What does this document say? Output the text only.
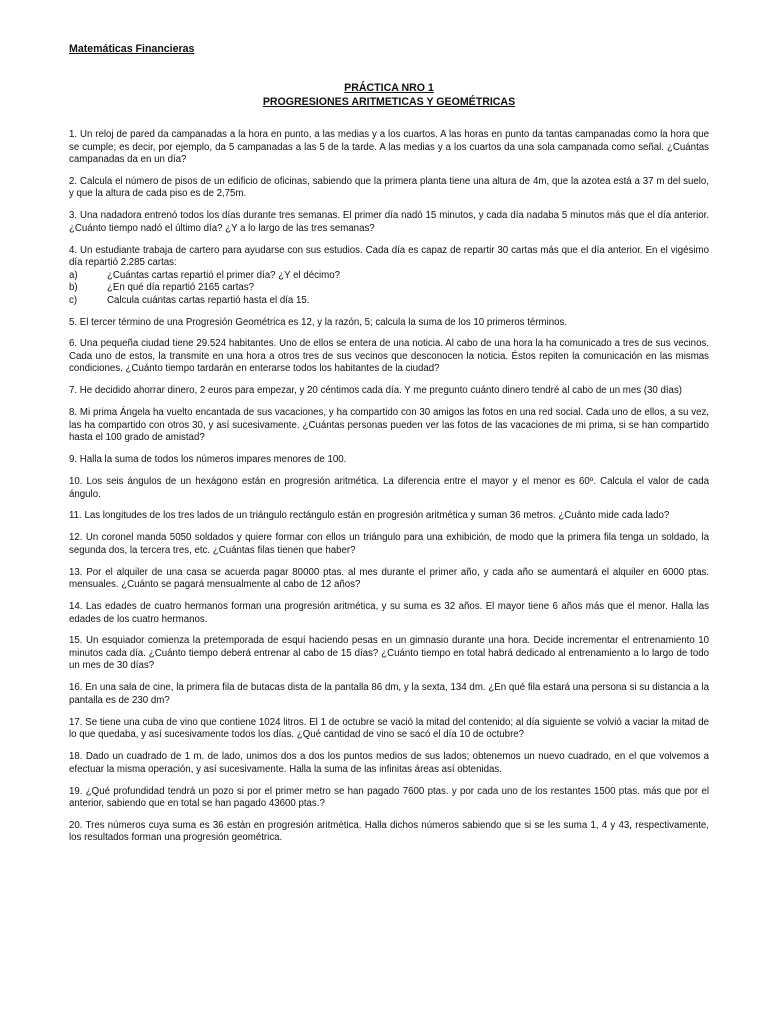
Matemáticas Financieras
PRÁCTICA NRO 1
PROGRESIONES ARITMETICAS Y GEOMÉTRICAS

1. Un reloj de pared da campanadas a la hora en punto, a las medias y a los cuartos. A las horas en punto da tantas campanadas como la hora que se cumple; es decir, por ejemplo, da 5 campanadas a las 5 de la tarde. A las medias y a los cuartos da una sola campanada como señal. ¿Cuántas campanadas da en un día?

2. Calcula el número de pisos de un edificio de oficinas, sabiendo que la primera planta tiene una altura de 4m, que la azotea está a 37 m del suelo, y que la altura de cada piso es de 2,75m.

3. Una nadadora entrenó todos los días durante tres semanas. El primer día nadó 15 minutos, y cada día nadaba 5 minutos más que el día anterior. ¿Cuánto tiempo nadó el último día? ¿Y a lo largo de las tres semanas?

4. Un estudiante trabaja de cartero para ayudarse con sus estudios. Cada día es capaz de repartir 30 cartas más que el día anterior. En el vigésimo día repartió 2.285 cartas:
a)	¿Cuántas cartas repartió el primer día? ¿Y el décimo?
b)	¿En qué día repartió 2165 cartas?
c)	Calcula cuántas cartas repartió hasta el día 15.

5. El tercer término de una Progresión Geométrica es 12, y la razón, 5; calcula la suma de los 10 primeros términos.

6. Una pequeña ciudad tiene 29.524 habitantes. Uno de ellos se entera de una noticia. Al cabo de una hora la ha comunicado a tres de sus vecinos. Cada uno de estos, la transmite en una hora a otros tres de sus vecinos que desconocen la noticia. Éstos repiten la comunicación en las mismas condiciones. ¿Cuánto tiempo tardarán en enterarse todos los habitantes de la ciudad?

7. He decidido ahorrar dinero, 2 euros para empezar, y 20 céntimos cada día. Y me pregunto cuánto dinero tendré al cabo de un mes (30 días)

8. Mi prima Ángela ha vuelto encantada de sus vacaciones, y ha compartido con 30 amigos las fotos en una red social. Cada uno de ellos, a su vez, las ha compartido con otros 30, y así sucesivamente. ¿Cuántas personas pueden ver las fotos de las vacaciones de mi prima, si se han compartido hasta el 100 grado de amistad?

9. Halla la suma de todos los números impares menores de 100.

10. Los seis ángulos de un hexágono están en progresión aritmética. La diferencia entre el mayor y el menor es 60º. Calcula el valor de cada ángulo.

11. Las longitudes de los tres lados de un triángulo rectángulo están en progresión aritmética y suman 36 metros. ¿Cuánto mide cada lado?

12. Un coronel manda 5050 soldados y quiere formar con ellos un triángulo para una exhibición, de modo que la primera fila tenga un soldado, la segunda dos, la tercera tres, etc. ¿Cuántas filas tienen que haber?

13. Por el alquiler de una casa se acuerda pagar 80000 ptas. al mes durante el primer año, y cada año se aumentará el alquiler en 6000 ptas. mensuales. ¿Cuánto se pagará mensualmente al cabo de 12 años?

14. Las edades de cuatro hermanos forman una progresión aritmética, y su suma es 32 años. El mayor tiene 6 años más que el menor. Halla las edades de los cuatro hermanos.

15. Un esquiador comienza la pretemporada de esquí haciendo pesas en un gimnasio durante una hora. Decide incrementar el entrenamiento 10 minutos cada día. ¿Cuánto tiempo deberá entrenar al cabo de 15 días? ¿Cuánto tiempo en total habrá dedicado al entrenamiento a lo largo de todo un mes de 30 días?

16. En una sala de cine, la primera fila de butacas dista de la pantalla 86 dm, y la sexta, 134 dm. ¿En qué fila estará una persona si su distancia a la pantalla es de 230 dm?

17. Se tiene una cuba de vino que contiene 1024 litros. El 1 de octubre se vació la mitad del contenido; al día siguiente se volvió a vaciar la mitad de lo que quedaba, y así sucesivamente todos los días. ¿Qué cantidad de vino se sacó el día 10 de octubre?

18. Dado un cuadrado de 1 m. de lado, unimos dos a dos los puntos medios de sus lados; obtenemos un nuevo cuadrado, en el que volvemos a efectuar la misma operación, y así sucesivamente. Halla la suma de las infinitas áreas así obtenidas.

19. ¿Qué profundidad tendrá un pozo si por el primer metro se han pagado 7600 ptas. y por cada uno de los restantes 1500 ptas. más que por el anterior, sabiendo que en total se han pagado 43600 ptas.?

20. Tres números cuya suma es 36 están en progresión aritmética. Halla dichos números sabiendo que si se les suma 1, 4 y 43, respectivamente, los resultados forman una progresión geométrica.
